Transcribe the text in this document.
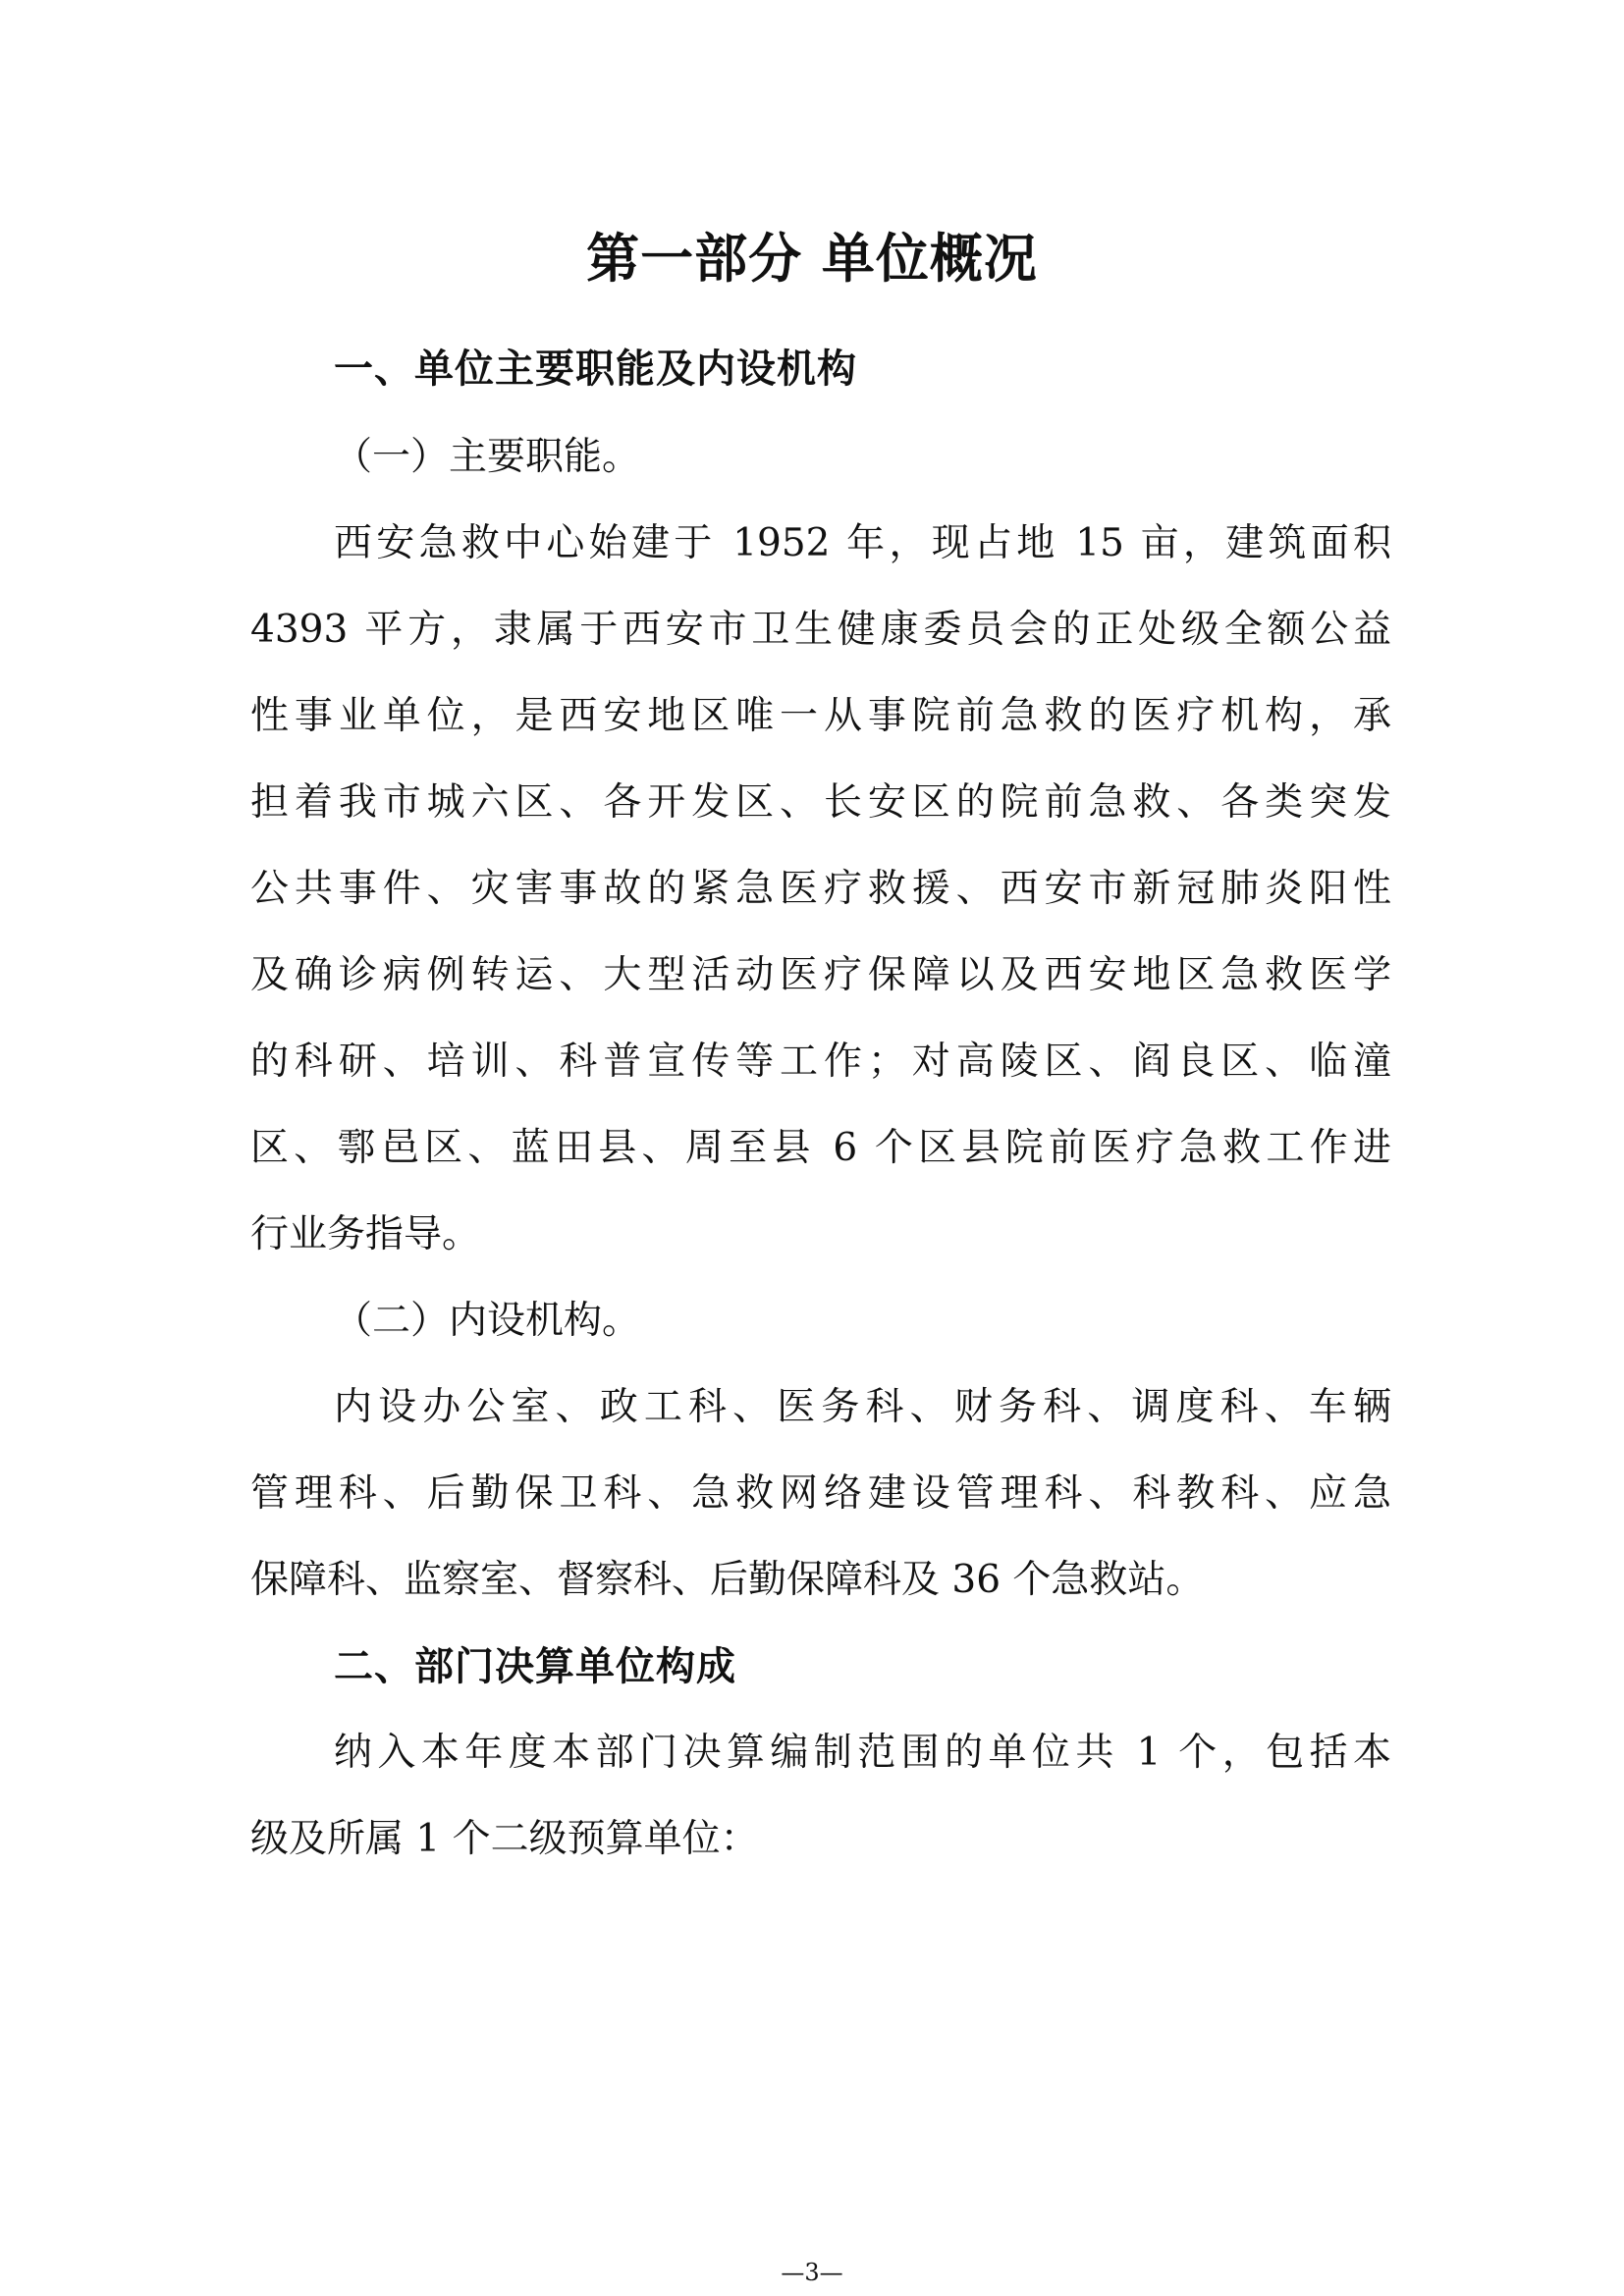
第一部分 单位概况
一、单位主要职能及内设机构
（一）主要职能。
西安急救中心始建于 1952 年，现占地 15 亩，建筑面积
4393 平方，隶属于西安市卫生健康委员会的正处级全额公益
性事业单位，是西安地区唯一从事院前急救的医疗机构，承
担着我市城六区、各开发区、长安区的院前急救、各类突发
公共事件、灾害事故的紧急医疗救援、西安市新冠肺炎阳性
及确诊病例转运、大型活动医疗保障以及西安地区急救医学
的科研、培训、科普宣传等工作；对高陵区、阎良区、临潼
区、鄠邑区、蓝田县、周至县 6 个区县院前医疗急救工作进
行业务指导。
（二）内设机构。
内设办公室、政工科、医务科、财务科、调度科、车辆
管理科、后勤保卫科、急救网络建设管理科、科教科、应急
保障科、监察室、督察科、后勤保障科及 36 个急救站。
二、部门决算单位构成
纳入本年度本部门决算编制范围的单位共 1 个，包括本
级及所属 1 个二级预算单位：
—3—
